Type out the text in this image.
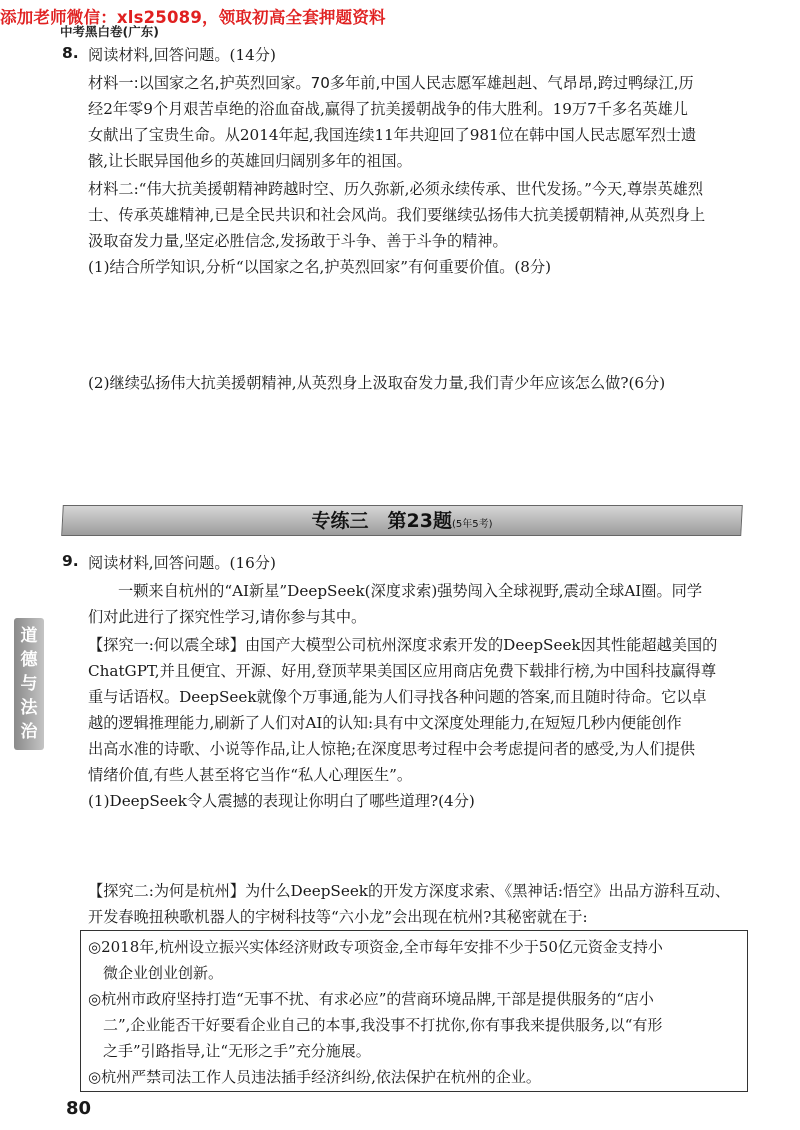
添加老师微信：xls25089，领取初高全套押题资料
中考黑白卷(广东)
8. 阅读材料,回答问题。(14分)
材料一:以国家之名,护英烈回家。70多年前,中国人民志愿军雄赳赳、气昂昂,跨过鸭绿江,历
经2年零9个月艰苦卓绝的浴血奋战,赢得了抗美援朝战争的伟大胜利。19万7千多名英雄儿
女献出了宝贵生命。从2014年起,我国连续11年共迎回了981位在韩中国人民志愿军烈士遗
骸,让长眠异国他乡的英雄回归阔别多年的祖国。
材料二:“伟大抗美援朝精神跨越时空、历久弥新,必须永续传承、世代发扬。”今天,尊崇英雄烈
士、传承英雄精神,已是全民共识和社会风尚。我们要继续弘扬伟大抗美援朝精神,从英烈身上
汲取奋发力量,坚定必胜信念,发扬敢于斗争、善于斗争的精神。
(1)结合所学知识,分析“以国家之名,护英烈回家”有何重要价值。(8分)
(2)继续弘扬伟大抗美援朝精神,从英烈身上汲取奋发力量,我们青少年应该怎么做?(6分)
专练三　第23题(5年5考)
道
德
与
法
治
9. 阅读材料,回答问题。(16分)
一颗来自杭州的“AI新星”DeepSeek(深度求索)强势闯入全球视野,震动全球AI圈。同学
们对此进行了探究性学习,请你参与其中。
【探究一:何以震全球】由国产大模型公司杭州深度求索开发的DeepSeek因其性能超越美国的
ChatGPT,并且便宜、开源、好用,登顶苹果美国区应用商店免费下载排行榜,为中国科技赢得尊
重与话语权。DeepSeek就像个万事通,能为人们寻找各种问题的答案,而且随时待命。它以卓
越的逻辑推理能力,刷新了人们对AI的认知:具有中文深度处理能力,在短短几秒内便能创作
出高水准的诗歌、小说等作品,让人惊艳;在深度思考过程中会考虑提问者的感受,为人们提供
情绪价值,有些人甚至将它当作“私人心理医生”。
(1)DeepSeek令人震撼的表现让你明白了哪些道理?(4分)
【探究二:为何是杭州】为什么DeepSeek的开发方深度求索、《黑神话:悟空》出品方游科互动、
开发春晚扭秧歌机器人的宇树科技等“六小龙”会出现在杭州?其秘密就在于:
◎2018年,杭州设立振兴实体经济财政专项资金,全市每年安排不少于50亿元资金支持小
　微企业创业创新。
◎杭州市政府坚持打造“无事不扰、有求必应”的营商环境品牌,干部是提供服务的“店小
　二”,企业能否干好要看企业自己的本事,我没事不打扰你,你有事我来提供服务,以“有形
　之手”引路指导,让“无形之手”充分施展。
◎杭州严禁司法工作人员违法插手经济纠纷,依法保护在杭州的企业。
80
